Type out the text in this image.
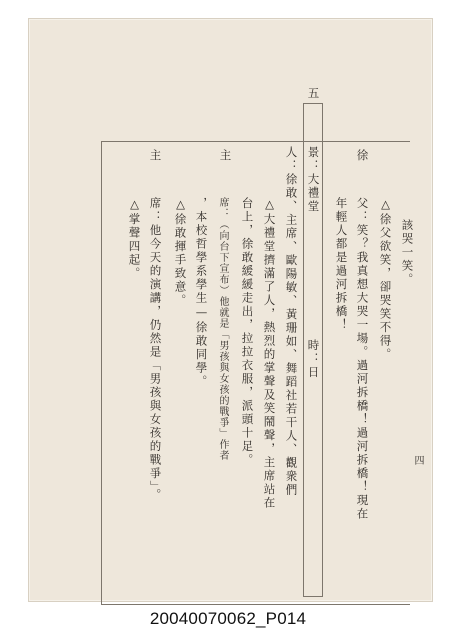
五
景：大禮堂
時：日
人：徐敢、主席、歐陽敏、黃珊如、舞蹈社若干人、觀衆們	該哭一笑。
△徐父欲笑，卻哭笑不得。
父：笑？我真想大哭一場。過河拆橋！過河拆橋！現在
年輕人都是過河拆橋！
徐
△大禮堂擠滿了人，熱烈的掌聲及笑鬧聲，主席站在
台上，徐敢緩緩走出，拉拉衣服，派頭十足。
主
席：（向台下宣布）他就是「男孩與女孩的戰爭」作者
，本校哲學系學生—徐敢同學。
△徐敢揮手致意。
主
席：他今天的演講，仍然是「男孩與女孩的戰爭」。
△掌聲四起。
四
20040070062_P014
